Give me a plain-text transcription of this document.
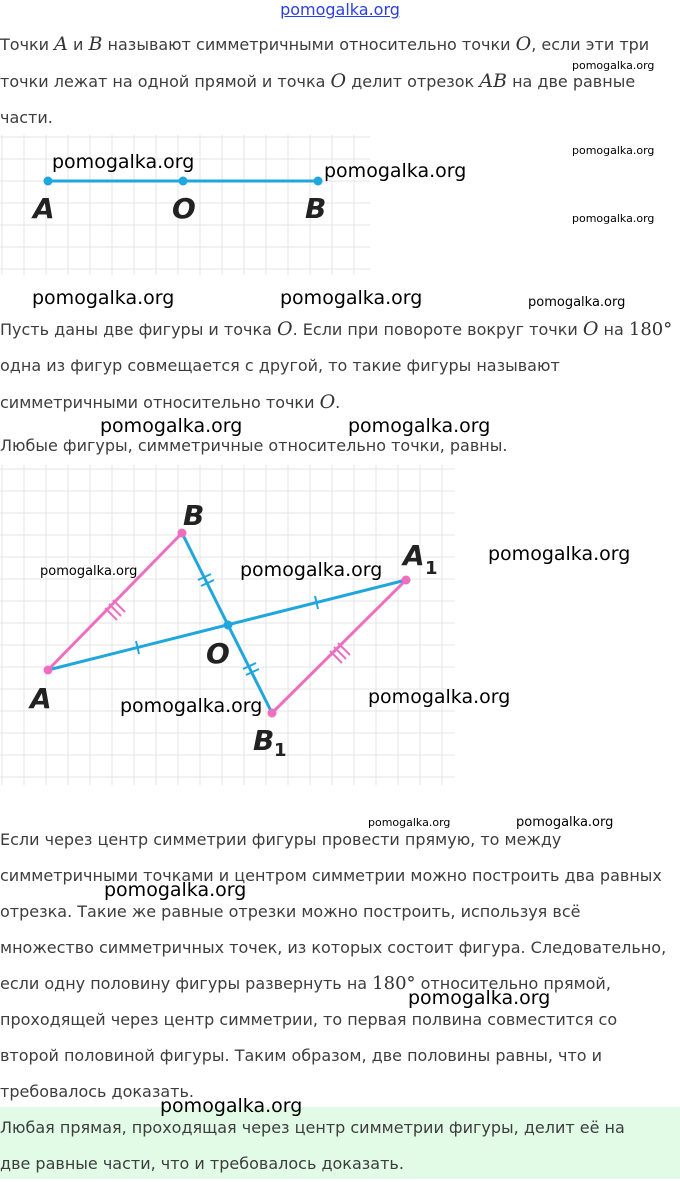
pomogalka.org

Точки A и B называют симметричными относительно точки O, если эти три
точки лежат на одной прямой и точка O делит отрезок AB на две равные
части.

A	O	B

Пусть даны две фигуры и точка O. Если при повороте вокруг точки O на 180°
одна из фигур совмещается с другой, то такие фигуры называют
симметричными относительно точки O.

Любые фигуры, симметричные относительно точки, равны.

A
B
O
A 1
B 1

Если через центр симметрии фигуры провести прямую, то между
симметричными точками и центром симметрии можно построить два равных
отрезка. Такие же равные отрезки можно построить, используя всё
множество симметричных точек, из которых состоит фигура. Следовательно,
если одну половину фигуры развернуть на 180° относительно прямой,
проходящей через центр симметрии, то первая полвина совместится со
второй половиной фигуры. Таким образом, две половины равны, что и
требовалось доказать.

Любая прямая, проходящая через центр симметрии фигуры, делит её на
две равные части, что и требовалось доказать.

pomogalka.org
pomogalka.org
pomogalka.org
pomogalka.org	pomogalka.org
pomogalka.org	pomogalka.org	pomogalka.org
pomogalka.org	pomogalka.org
pomogalka.org
pomogalka.org	pomogalka.org
pomogalka.org
pomogalka.org
pomogalka.org	pomogalka.org
pomogalka.org
pomogalka.org
pomogalka.org
